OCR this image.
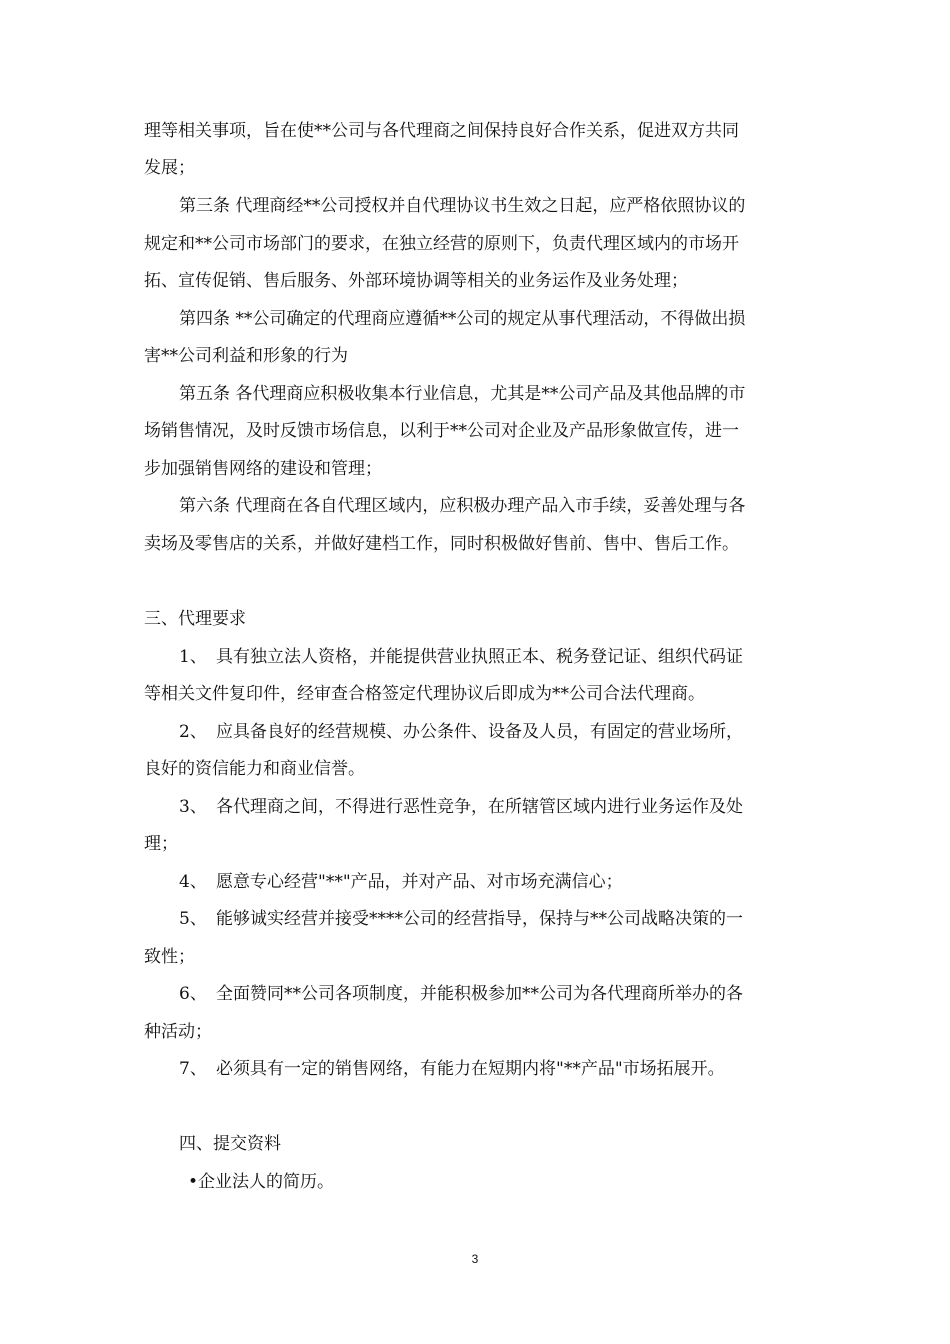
理等相关事项，旨在使**公司与各代理商之间保持良好合作关系，促进双方共同
发展；
第三条 代理商经**公司授权并自代理协议书生效之日起，应严格依照协议的
规定和**公司市场部门的要求，在独立经营的原则下，负责代理区域内的市场开
拓、宣传促销、售后服务、外部环境协调等相关的业务运作及业务处理；
第四条 **公司确定的代理商应遵循**公司的规定从事代理活动，不得做出损
害**公司利益和形象的行为
第五条 各代理商应积极收集本行业信息，尤其是**公司产品及其他品牌的市
场销售情况，及时反馈市场信息，以利于**公司对企业及产品形象做宣传，进一
步加强销售网络的建设和管理；
第六条 代理商在各自代理区域内，应积极办理产品入市手续，妥善处理与各
卖场及零售店的关系，并做好建档工作，同时积极做好售前、售中、售后工作。
三、代理要求
1、 具有独立法人资格，并能提供营业执照正本、税务登记证、组织代码证
等相关文件复印件，经审查合格签定代理协议后即成为**公司合法代理商。
2、 应具备良好的经营规模、办公条件、设备及人员，有固定的营业场所，
良好的资信能力和商业信誉。
3、 各代理商之间，不得进行恶性竞争，在所辖管区域内进行业务运作及处
理；
4、 愿意专心经营"**"产品，并对产品、对市场充满信心；
5、 能够诚实经营并接受****公司的经营指导，保持与**公司战略决策的一
致性；
6、 全面赞同**公司各项制度，并能积极参加**公司为各代理商所举办的各
种活动；
7、 必须具有一定的销售网络，有能力在短期内将"**产品"市场拓展开。
四、提交资料
•企业法人的简历。
3
